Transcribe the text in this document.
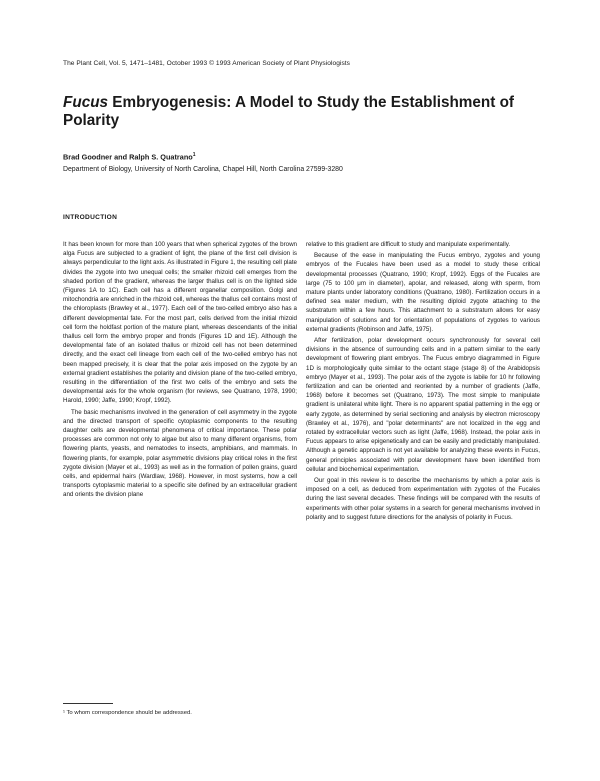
The Plant Cell, Vol. 5, 1471–1481, October 1993 © 1993 American Society of Plant Physiologists
Fucus Embryogenesis: A Model to Study the Establishment of Polarity
Brad Goodner and Ralph S. Quatrano$^1$
Department of Biology, University of North Carolina, Chapel Hill, North Carolina 27599-3280
INTRODUCTION

It has been known for more than 100 years that when spherical zygotes of the brown alga Fucus are subjected to a gradient of light, the plane of the first cell division is always perpendicular to the light axis. As illustrated in Figure 1, the resulting cell plate divides the zygote into two unequal cells; the smaller rhizoid cell emerges from the shaded portion of the gradient, whereas the larger thallus cell is on the lighted side (Figures 1A to 1C). Each cell has a different organellar composition. Golgi and mitochondria are enriched in the rhizoid cell, whereas the thallus cell contains most of the chloroplasts (Brawley et al., 1977). Each cell of the two-celled embryo also has a different developmental fate. For the most part, cells derived from the initial rhizoid cell form the holdfast portion of the mature plant, whereas descendants of the initial thallus cell form the embryo proper and fronds (Figures 1D and 1E). Although the developmental fate of an isolated thallus or rhizoid cell has not been determined directly, and the exact cell lineage from each cell of the two-celled embryo has not been mapped precisely, it is clear that the polar axis imposed on the zygote by an external gradient establishes the polarity and division plane of the two-celled embryo, resulting in the differentiation of the first two cells of the embryo and sets the developmental axis for the whole organism (for reviews, see Quatrano, 1978, 1990; Harold, 1990; Jaffe, 1990; Kropf, 1992).

The basic mechanisms involved in the generation of cell asymmetry in the zygote and the directed transport of specific cytoplasmic components to the resulting daughter cells are developmental phenomena of critical importance. These polar processes are common not only to algae but also to many different organisms, from flowering plants, yeasts, and nematodes to insects, amphibians, and mammals. In flowering plants, for example, polar asymmetric divisions play critical roles in the first zygote division (Mayer et al., 1993) as well as in the formation of pollen grains, guard cells, and epidermal hairs (Wardlaw, 1968). However, in most systems, how a cell transports cytoplasmic material to a specific site defined by an extracellular gradient and orients the division plane

relative to this gradient are difficult to study and manipulate experimentally.

Because of the ease in manipulating the Fucus embryo, zygotes and young embryos of the Fucales have been used as a model to study these critical developmental processes (Quatrano, 1990; Kropf, 1992). Eggs of the Fucales are large (75 to 100 μm in diameter), apolar, and released, along with sperm, from mature plants under laboratory conditions (Quatrano, 1980). Fertilization occurs in a defined sea water medium, with the resulting diploid zygote attaching to the substratum within a few hours. This attachment to a substratum allows for easy manipulation of solutions and for orientation of populations of zygotes to various external gradients (Robinson and Jaffe, 1975).

After fertilization, polar development occurs synchronously for several cell divisions in the absence of surrounding cells and in a pattern similar to the early development of flowering plant embryos. The Fucus embryo diagrammed in Figure 1D is morphologically quite similar to the octant stage (stage 8) of the Arabidopsis embryo (Mayer et al., 1993). The polar axis of the zygote is labile for 10 hr following fertilization and can be oriented and reoriented by a number of gradients (Jaffe, 1968) before it becomes set (Quatrano, 1973). The most simple to manipulate gradient is unilateral white light. There is no apparent spatial patterning in the egg or early zygote, as determined by serial sectioning and analysis by electron microscopy (Brawley et al., 1976), and "polar determinants" are not localized in the egg and rotated by extracellular vectors such as light (Jaffe, 1968). Instead, the polar axis in Fucus appears to arise epigenetically and can be easily and predictably manipulated. Although a genetic approach is not yet available for analyzing these events in Fucus, general principles associated with polar development have been identified from cellular and biochemical experimentation.

Our goal in this review is to describe the mechanisms by which a polar axis is imposed on a cell, as deduced from experimentation with zygotes of the Fucales during the last several decades. These findings will be compared with the results of experiments with other polar systems in a search for general mechanisms involved in polarity and to suggest future directions for the analysis of polarity in Fucus.

¹ To whom correspondence should be addressed.
